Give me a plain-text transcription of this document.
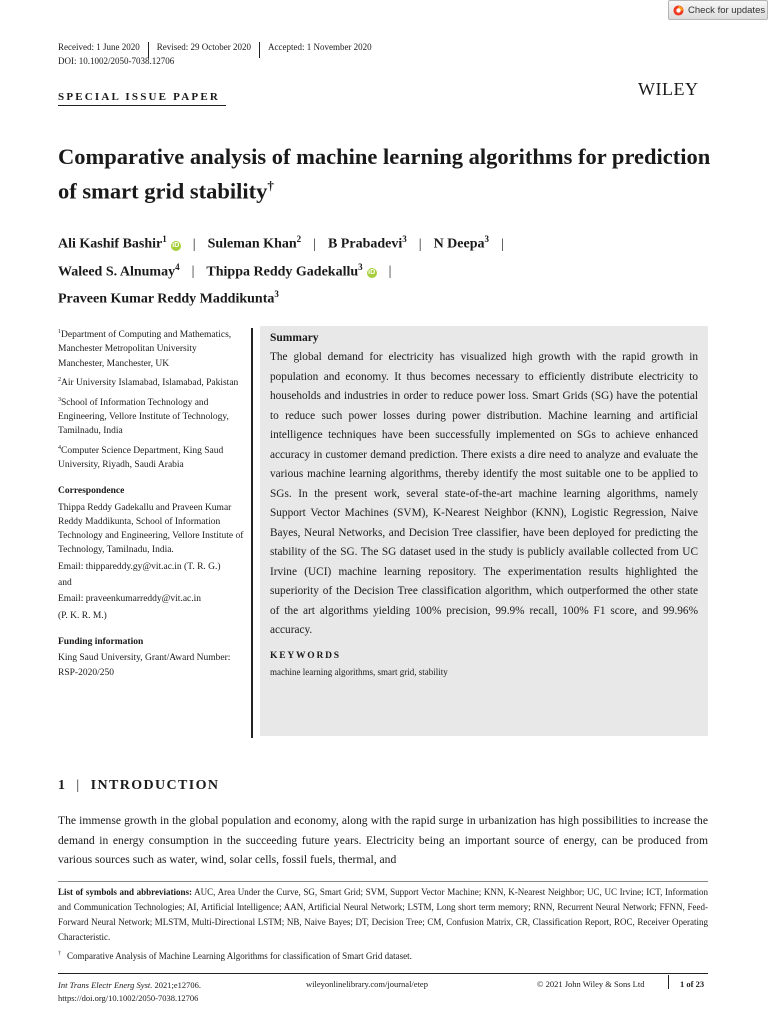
Check for updates
Received: 1 June 2020 Revised: 29 October 2020 Accepted: 1 November 2020
DOI: 10.1002/2050-7038.12706
SPECIAL ISSUE PAPER	WILEY
Comparative analysis of machine learning algorithms for prediction of smart grid stability†
Ali Kashif Bashir$^1$iD | Suleman Khan$^2$ | B Prabadevi$^3$ | N Deepa$^3$ |
Waleed S. Alnumay$^4$ | Thippa Reddy Gadekallu$^3$iD |
Praveen Kumar Reddy Maddikunta$^3$

$^1$Department of Computing and Mathematics, Manchester Metropolitan University Manchester, Manchester, UK

$^2$Air University Islamabad, Islamabad, Pakistan

$^3$School of Information Technology and Engineering, Vellore Institute of Technology, Tamilnadu, India

$^4$Computer Science Department, King Saud University, Riyadh, Saudi Arabia

Correspondence

Thippa Reddy Gadekallu and Praveen Kumar Reddy Maddikunta, School of Information Technology and Engineering, Vellore Institute of Technology, Tamilnadu, India.

Email: thippareddy.gy@vit.ac.in (T. R. G.)

and

Email: praveenkumarreddy@vit.ac.in

(P. K. R. M.)

Funding information

King Saud University, Grant/Award Number: RSP-2020/250

Summary
The global demand for electricity has visualized high growth with the rapid growth in population and economy. It thus becomes necessary to efficiently distribute electricity to households and industries in order to reduce power loss. Smart Grids (SG) have the potential to reduce such power losses during power distribution. Machine learning and artificial intelligence techniques have been successfully implemented on SGs to achieve enhanced accuracy in customer demand prediction. There exists a dire need to analyze and evaluate the various machine learning algorithms, thereby identify the most suitable one to be applied to SGs. In the present work, several state-of-the-art machine learning algorithms, namely Support Vector Machines (SVM), K-Nearest Neighbor (KNN), Logistic Regression, Naive Bayes, Neural Networks, and Decision Tree classifier, have been deployed for predicting the stability of the SG. The SG dataset used in the study is publicly available collected from UC Irvine (UCI) machine learning repository. The experimentation results highlighted the superiority of the Decision Tree classification algorithm, which outperformed the other state of the art algorithms yielding 100% precision, 99.9% recall, 100% F1 score, and 99.96% accuracy.
KEYWORDS
machine learning algorithms, smart grid, stability
1 | INTRODUCTION
The immense growth in the global population and economy, along with the rapid surge in urbanization has high possibilities to increase the demand in energy consumption in the succeeding future years. Electricity being an important source of energy, can be produced from various sources such as water, wind, solar cells, fossil fuels, thermal, and
List of symbols and abbreviations: AUC, Area Under the Curve, SG, Smart Grid; SVM, Support Vector Machine; KNN, K-Nearest Neighbor; UC, UC Irvine; ICT, Information and Communication Technologies; AI, Artificial Intelligence; AAN, Artificial Neural Network; LSTM, Long short term memory; RNN, Recurrent Neural Network; FFNN, Feed-Forward Neural Network; MLSTM, Multi-Directional LSTM; NB, Naive Bayes; DT, Decision Tree; CM, Confusion Matrix, CR, Classification Report, ROC, Receiver Operating Characteristic.
† Comparative Analysis of Machine Learning Algorithms for classification of Smart Grid dataset.
Int Trans Electr Energ Syst. 2021;e12706.
https://doi.org/10.1002/2050-7038.12706
wileyonlinelibrary.com/journal/etep	© 2021 John Wiley & Sons Ltd	1 of 23
